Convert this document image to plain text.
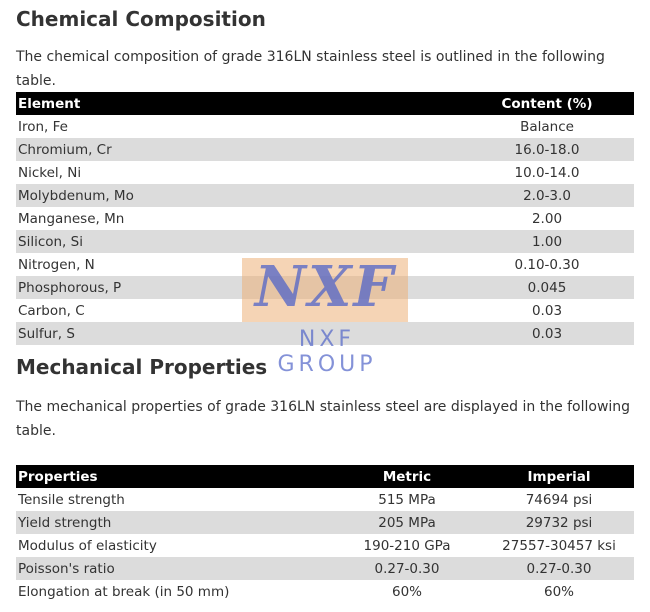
Chemical Composition

The chemical composition of grade 316LN stainless steel is outlined in the following table.

Element	Content (%)
Iron, Fe	Balance
Chromium, Cr	16.0-18.0
Nickel, Ni	10.0-14.0
Molybdenum, Mo	2.0-3.0
Manganese, Mn	2.00
Silicon, Si	1.00
Nitrogen, N	0.10-0.30
Phosphorous, P	0.045
Carbon, C	0.03
Sulfur, S	0.03
Mechanical Properties

The mechanical properties of grade 316LN stainless steel are displayed in the following table.

Properties	Metric	Imperial
Tensile strength	515 MPa	74694 psi
Yield strength	205 MPa	29732 psi
Modulus of elasticity	190-210 GPa	27557-30457 ksi
Poisson's ratio	0.27-0.30	0.27-0.30
Elongation at break (in 50 mm)	60%	60%
NXF
NXF GROUP
